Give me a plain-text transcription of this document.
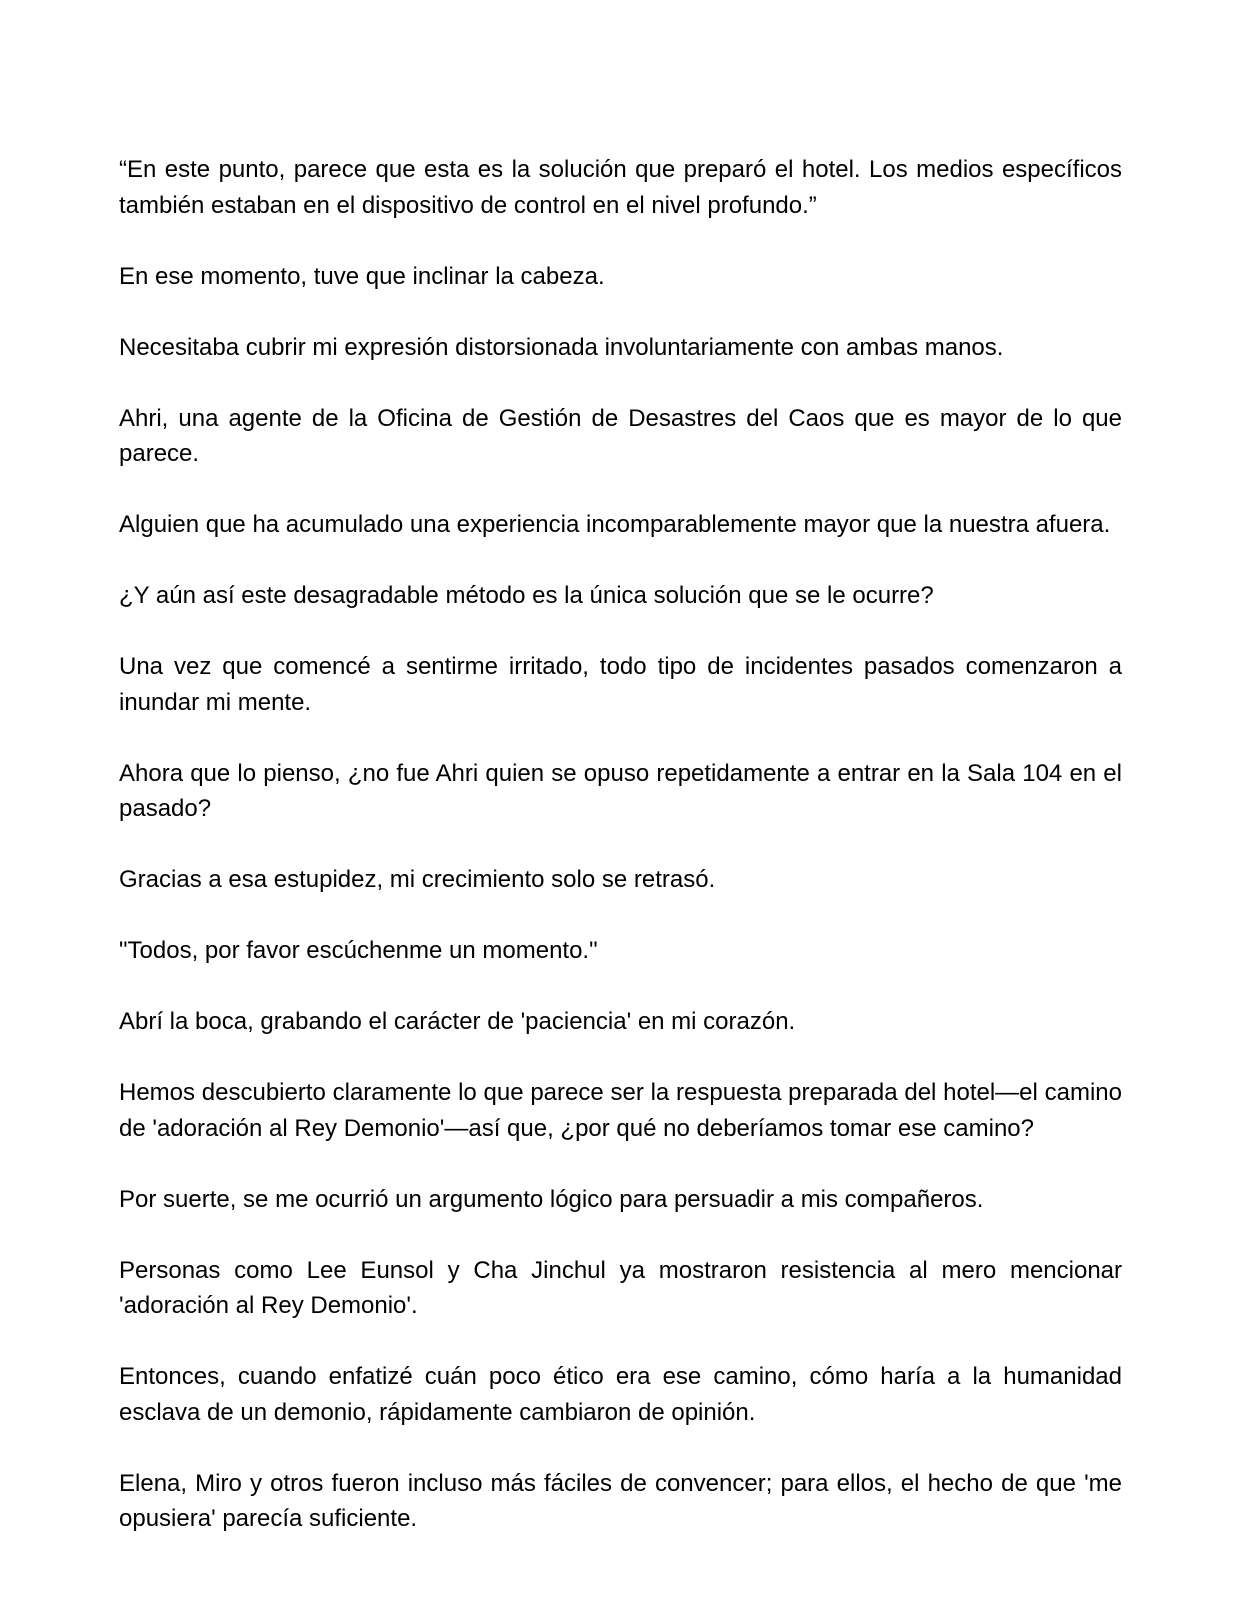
“En este punto, parece que esta es la solución que preparó el hotel. Los medios específicos también estaban en el dispositivo de control en el nivel profundo.”

En ese momento, tuve que inclinar la cabeza.

Necesitaba cubrir mi expresión distorsionada involuntariamente con ambas manos.

Ahri, una agente de la Oficina de Gestión de Desastres del Caos que es mayor de lo que parece.

Alguien que ha acumulado una experiencia incomparablemente mayor que la nuestra afuera.

¿Y aún así este desagradable método es la única solución que se le ocurre?

Una vez que comencé a sentirme irritado, todo tipo de incidentes pasados comenzaron a inundar mi mente.

Ahora que lo pienso, ¿no fue Ahri quien se opuso repetidamente a entrar en la Sala 104 en el pasado?

Gracias a esa estupidez, mi crecimiento solo se retrasó.

"Todos, por favor escúchenme un momento."

Abrí la boca, grabando el carácter de 'paciencia' en mi corazón.

Hemos descubierto claramente lo que parece ser la respuesta preparada del hotel—el camino de 'adoración al Rey Demonio'—así que, ¿por qué no deberíamos tomar ese camino?

Por suerte, se me ocurrió un argumento lógico para persuadir a mis compañeros.

Personas como Lee Eunsol y Cha Jinchul ya mostraron resistencia al mero mencionar 'adoración al Rey Demonio'.

Entonces, cuando enfatizé cuán poco ético era ese camino, cómo haría a la humanidad esclava de un demonio, rápidamente cambiaron de opinión.

Elena, Miro y otros fueron incluso más fáciles de convencer; para ellos, el hecho de que 'me opusiera' parecía suficiente.
